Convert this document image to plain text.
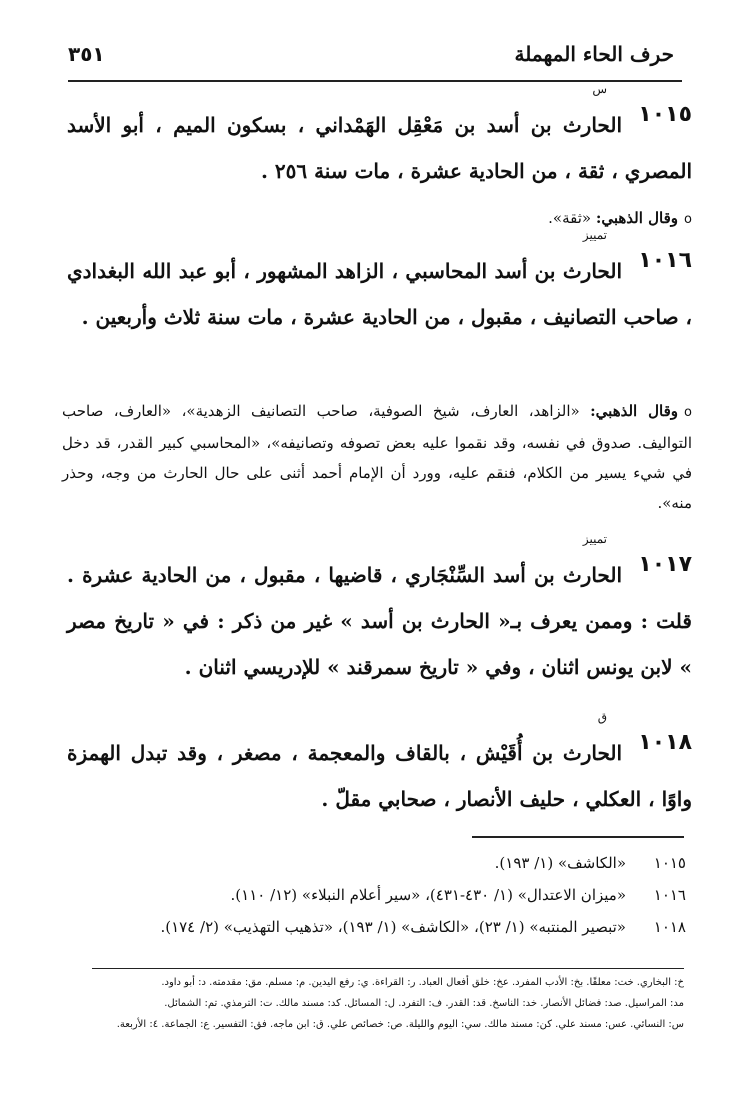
حرف الحاء المهملة
٣٥١
١٠١٥
س
الحارث بن أسد بن مَعْقِل الهَمْداني ، بسكون الميم ، أبو الأسد المصري ، ثقة ، من الحادية عشرة ، مات سنة ٢٥٦ .
oوقال الذهبي: «ثقة».
١٠١٦
تمييز
الحارث بن أسد المحاسبي ، الزاهد المشهور ، أبو عبد الله البغدادي ، صاحب التصانيف ، مقبول ، من الحادية عشرة ، مات سنة ثلاث وأربعين .
oوقال الذهبي: «الزاهد، العارف، شيخ الصوفية، صاحب التصانيف الزهدية»، «العارف، صاحب التواليف. صدوق في نفسه، وقد نقموا عليه بعض تصوفه وتصانيفه»، «المحاسبي كبير القدر، قد دخل في شيء يسير من الكلام، فنقم عليه، وورد أن الإمام أحمد أثنى على حال الحارث من وجه، وحذر منه».
١٠١٧
تمييز
الحارث بن أسد السِّنْجَاري ، قاضيها ، مقبول ، من الحادية عشرة . قلت : وممن يعرف بـ« الحارث بن أسد » غير من ذكر : في « تاريخ مصر » لابن يونس اثنان ، وفي « تاريخ سمرقند » للإدريسي اثنان .
١٠١٨
ق
الحارث بن أُقَيْش ، بالقاف والمعجمة ، مصغر ، وقد تبدل الهمزة واوًا ، العكلي ، حليف الأنصار ، صحابي مقلّ .
١٠١٥«الكاشف» (١/ ١٩٣).
١٠١٦«ميزان الاعتدال» (١/ ٤٣٠-٤٣١)، «سير أعلام النبلاء» (١٢/ ١١٠).
١٠١٨«تبصير المنتبه» (١/ ٢٣)، «الكاشف» (١/ ١٩٣)، «تذهيب التهذيب» (٢/ ١٧٤).
خ: البخاري. خت: معلقًا. بخ: الأدب المفرد. عخ: خلق أفعال العباد. ر: القراءة. ي: رفع اليدين. م: مسلم. مق: مقدمته. د: أبو داود.
مد: المراسيل. صد: فضائل الأنصار. خد: الناسخ. قد: القدر. ف: التفرد. ل: المسائل. كد: مسند مالك. ت: الترمذي. تم: الشمائل.
س: النسائي. عس: مسند علي. كن: مسند مالك. سي: اليوم والليلة. ص: خصائص علي. ق: ابن ماجه. فق: التفسير. ع: الجماعة. ٤: الأربعة.
